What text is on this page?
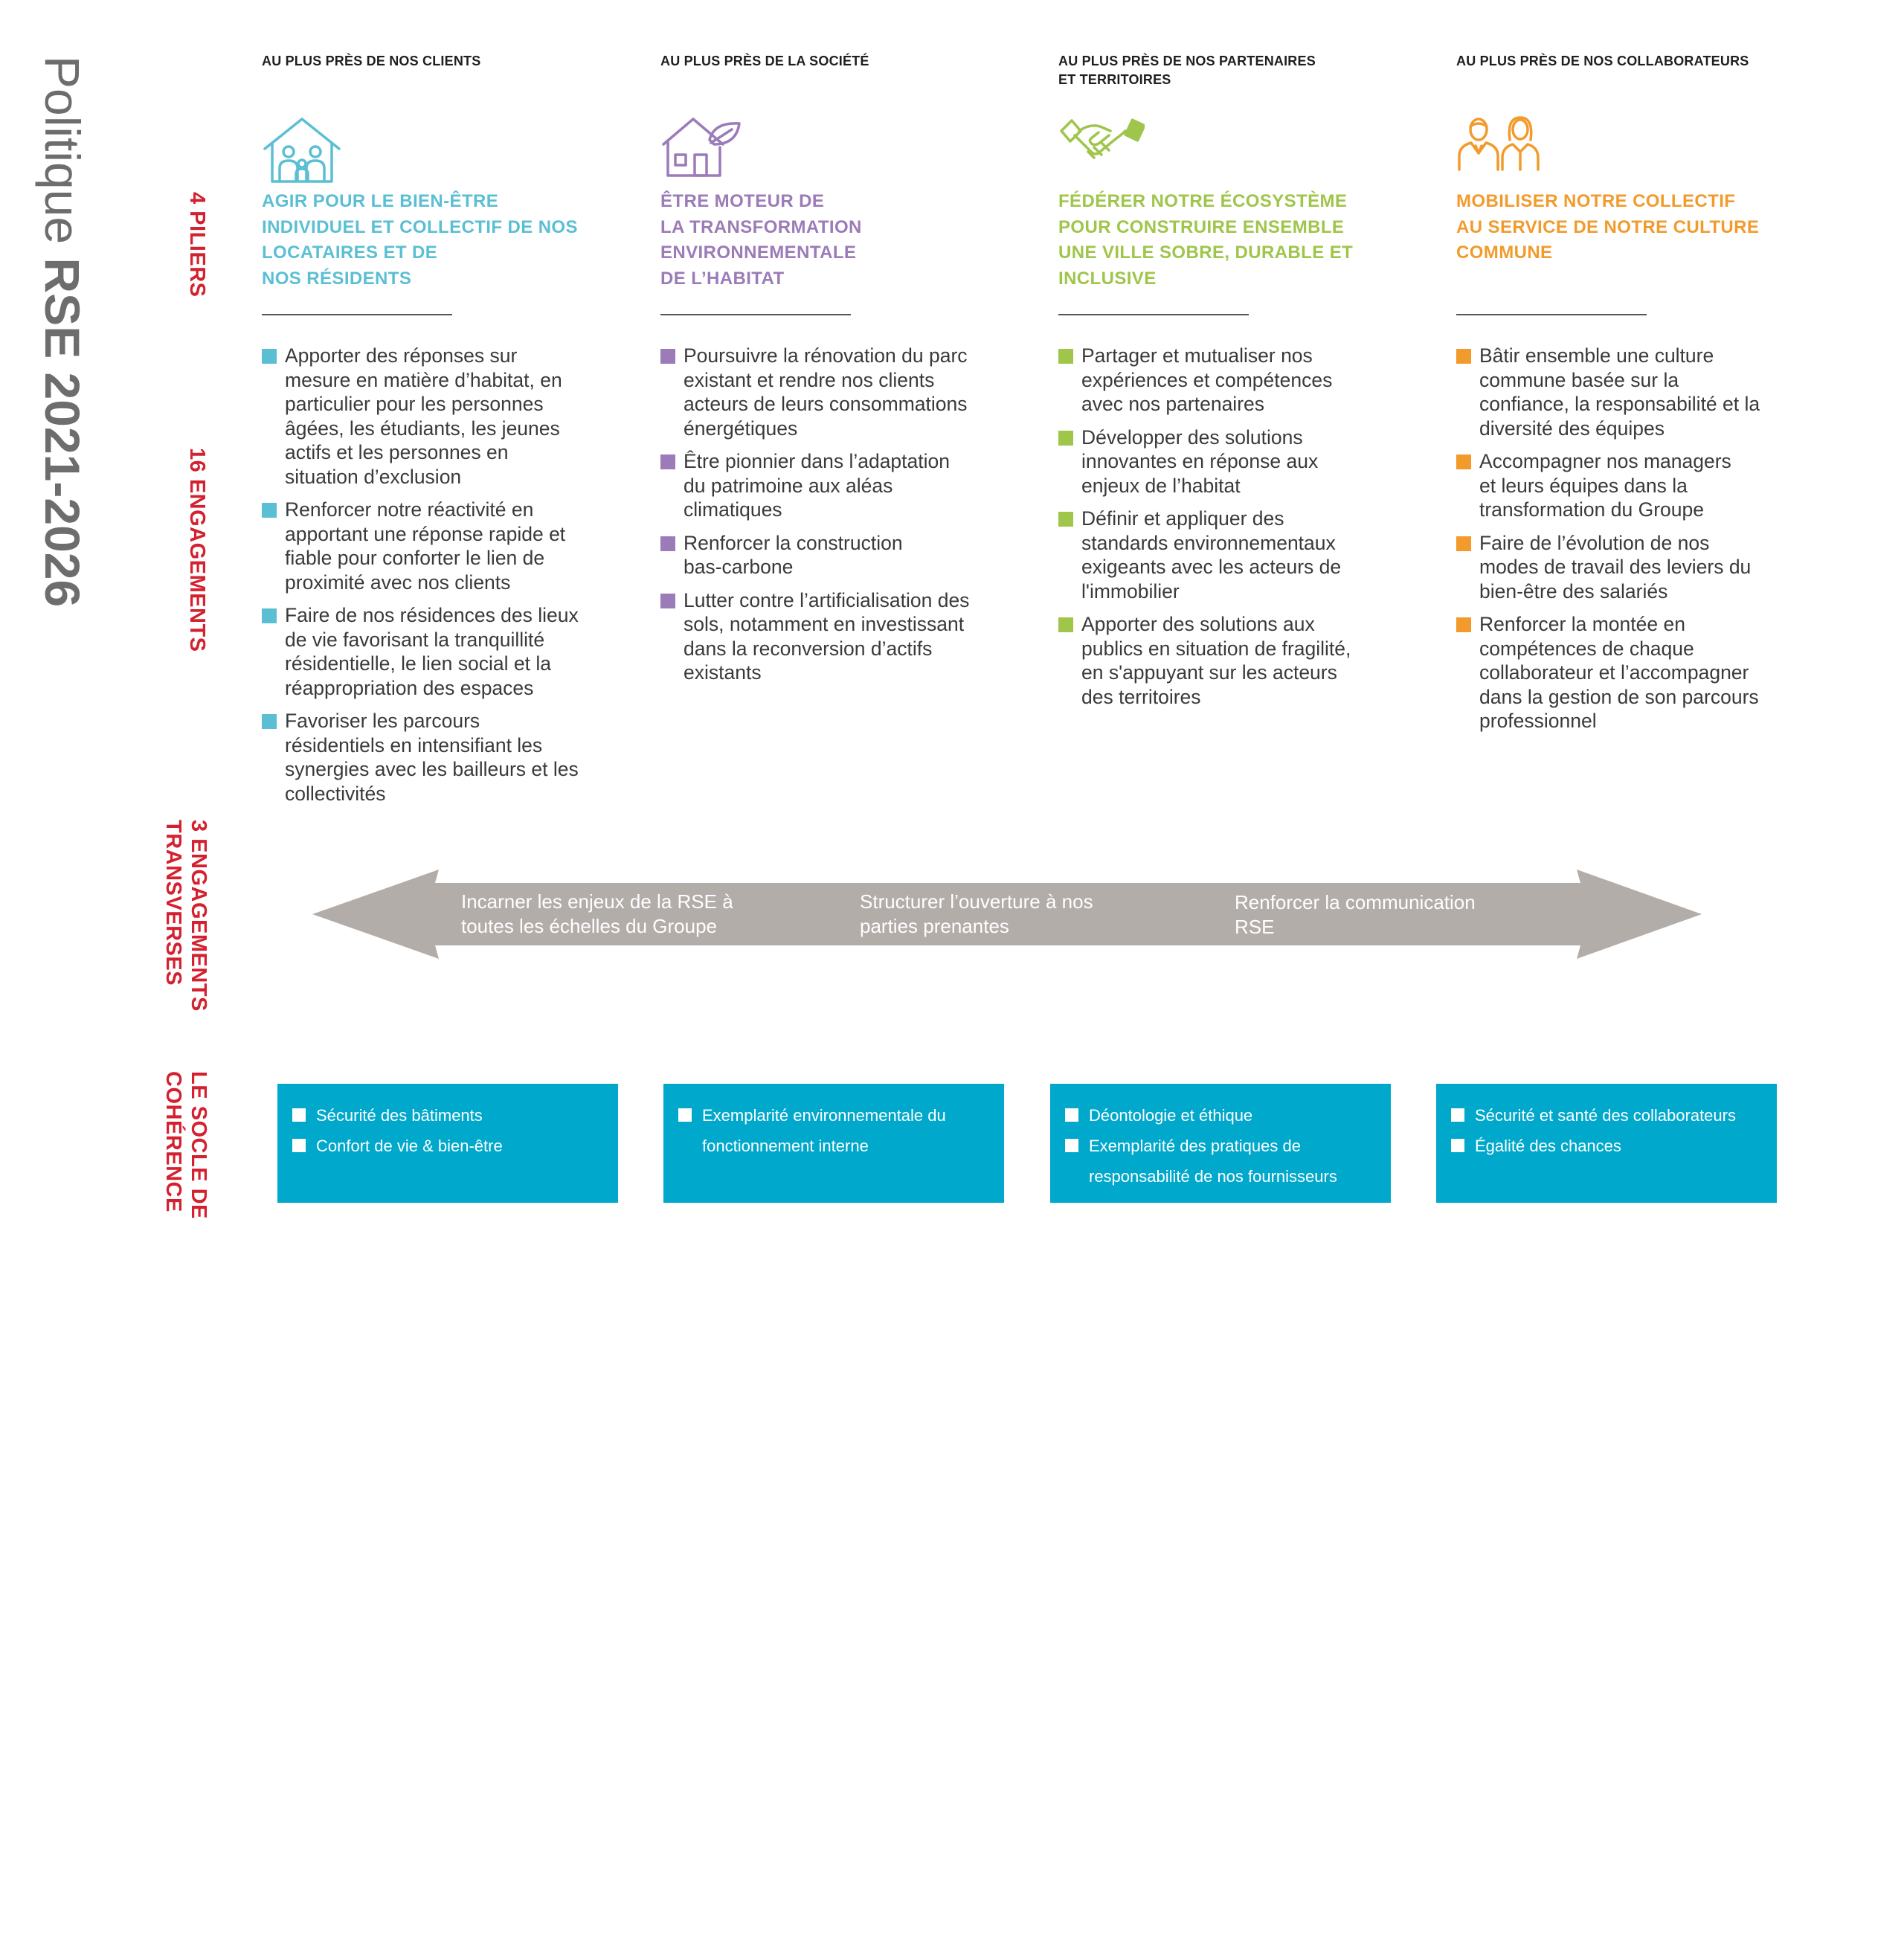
Politique RSE 2021-2026
4 PILIERS
16 ENGAGEMENTS
3 ENGAGEMENTS
TRANSVERSES
LE SOCLE DE
COHÉRENCE
AU PLUS PRÈS DE NOS CLIENTS
AGIR POUR LE BIEN-ÊTRE
INDIVIDUEL ET COLLECTIF DE NOS
LOCATAIRES ET DE
NOS RÉSIDENTS
Apporter des réponses sur
mesure en matière d’habitat, en
particulier pour les personnes
âgées, les étudiants, les jeunes
actifs et les personnes en
situation d’exclusion
Renforcer notre réactivité en
apportant une réponse rapide et
fiable pour conforter le lien de
proximité avec nos clients
Faire de nos résidences des lieux
de vie favorisant la tranquillité
résidentielle, le lien social et la
réappropriation des espaces
Favoriser les parcours
résidentiels en intensifiant les
synergies avec les bailleurs et les
collectivités
AU PLUS PRÈS DE LA SOCIÉTÉ
ÊTRE MOTEUR DE
LA TRANSFORMATION
ENVIRONNEMENTALE
DE L’HABITAT
Poursuivre la rénovation du parc
existant et rendre nos clients
acteurs de leurs consommations
énergétiques
Être pionnier dans l’adaptation
du patrimoine aux aléas
climatiques
Renforcer la construction
bas-carbone
Lutter contre l’artificialisation des
sols, notamment en investissant
dans la reconversion d’actifs
existants
AU PLUS PRÈS DE NOS PARTENAIRES
ET TERRITOIRES
FÉDÉRER NOTRE ÉCOSYSTÈME
POUR CONSTRUIRE ENSEMBLE
UNE VILLE SOBRE, DURABLE ET
INCLUSIVE
Partager et mutualiser nos
expériences et compétences
avec nos partenaires
Développer des solutions
innovantes en réponse aux
enjeux de l’habitat
Définir et appliquer des
standards environnementaux
exigeants avec les acteurs de
l'immobilier
Apporter des solutions aux
publics en situation de fragilité,
en s'appuyant sur les acteurs
des territoires
AU PLUS PRÈS DE NOS COLLABORATEURS
MOBILISER NOTRE COLLECTIF
AU SERVICE DE NOTRE CULTURE
COMMUNE
Bâtir ensemble une culture
commune basée sur la
confiance, la responsabilité et la
diversité des équipes
Accompagner nos managers
et leurs équipes dans la
transformation du Groupe
Faire de l’évolution de nos
modes de travail des leviers du
bien-être des salariés
Renforcer la montée en
compétences de chaque
collaborateur et l’accompagner
dans la gestion de son parcours
professionnel
Incarner les enjeux de la RSE à
toutes les échelles du Groupe
Structurer l’ouverture à nos
parties prenantes
Renforcer la communication
RSE
Sécurité des bâtiments
Confort de vie & bien-être
Exemplarité environnementale du
fonctionnement interne
Déontologie et éthique
Exemplarité des pratiques de
responsabilité de nos fournisseurs
Sécurité et santé des collaborateurs
Égalité des chances
